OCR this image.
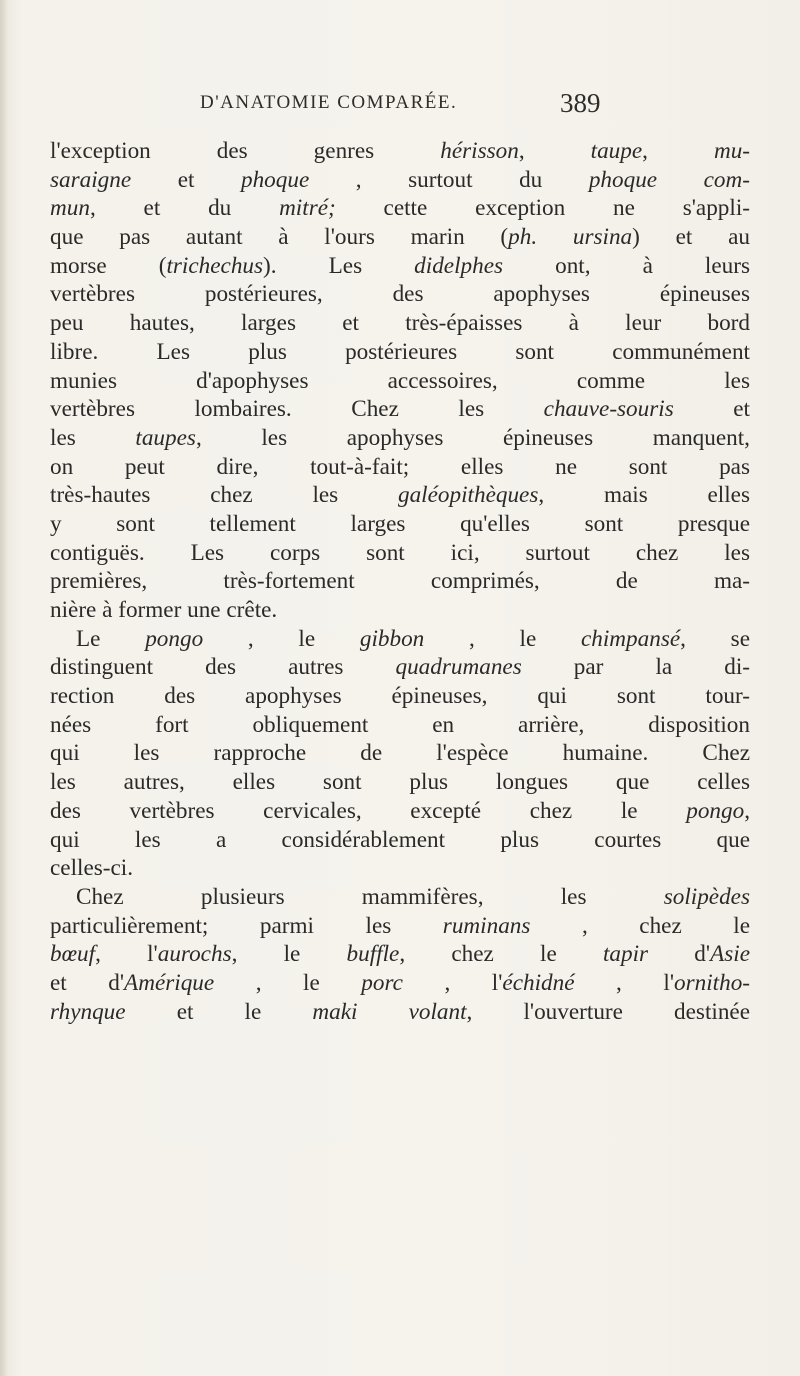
D'ANATOMIE COMPARÉE.	389
l'exception des genres hérisson, taupe, mu-
saraigne et phoque , surtout du phoque com-
mun, et du mitré; cette exception ne s'appli-
que pas autant à l'ours marin (ph. ursina) et au
morse (trichechus). Les didelphes ont, à leurs
vertèbres postérieures, des apophyses épineuses
peu hautes, larges et très-épaisses à leur bord
libre. Les plus postérieures sont communément
munies d'apophyses accessoires, comme les
vertèbres lombaires. Chez les chauve-souris et
les taupes, les apophyses épineuses manquent,
on peut dire, tout-à-fait; elles ne sont pas
très-hautes chez les galéopithèques, mais elles
y sont tellement larges qu'elles sont presque
contiguës. Les corps sont ici, surtout chez les
premières, très-fortement comprimés, de ma-
nière à former une crête.
Le pongo , le gibbon , le chimpansé, se
distinguent des autres quadrumanes par la di-
rection des apophyses épineuses, qui sont tour-
nées fort obliquement en arrière, disposition
qui les rapproche de l'espèce humaine. Chez
les autres, elles sont plus longues que celles
des vertèbres cervicales, excepté chez le pongo,
qui les a considérablement plus courtes que
celles-ci.
Chez plusieurs mammifères, les solipèdes
particulièrement; parmi les ruminans , chez le
bœuf, l'aurochs, le buffle, chez le tapir d'Asie
et d'Amérique , le porc , l'échidné , l'ornitho-
rhynque et le maki volant, l'ouverture destinée
